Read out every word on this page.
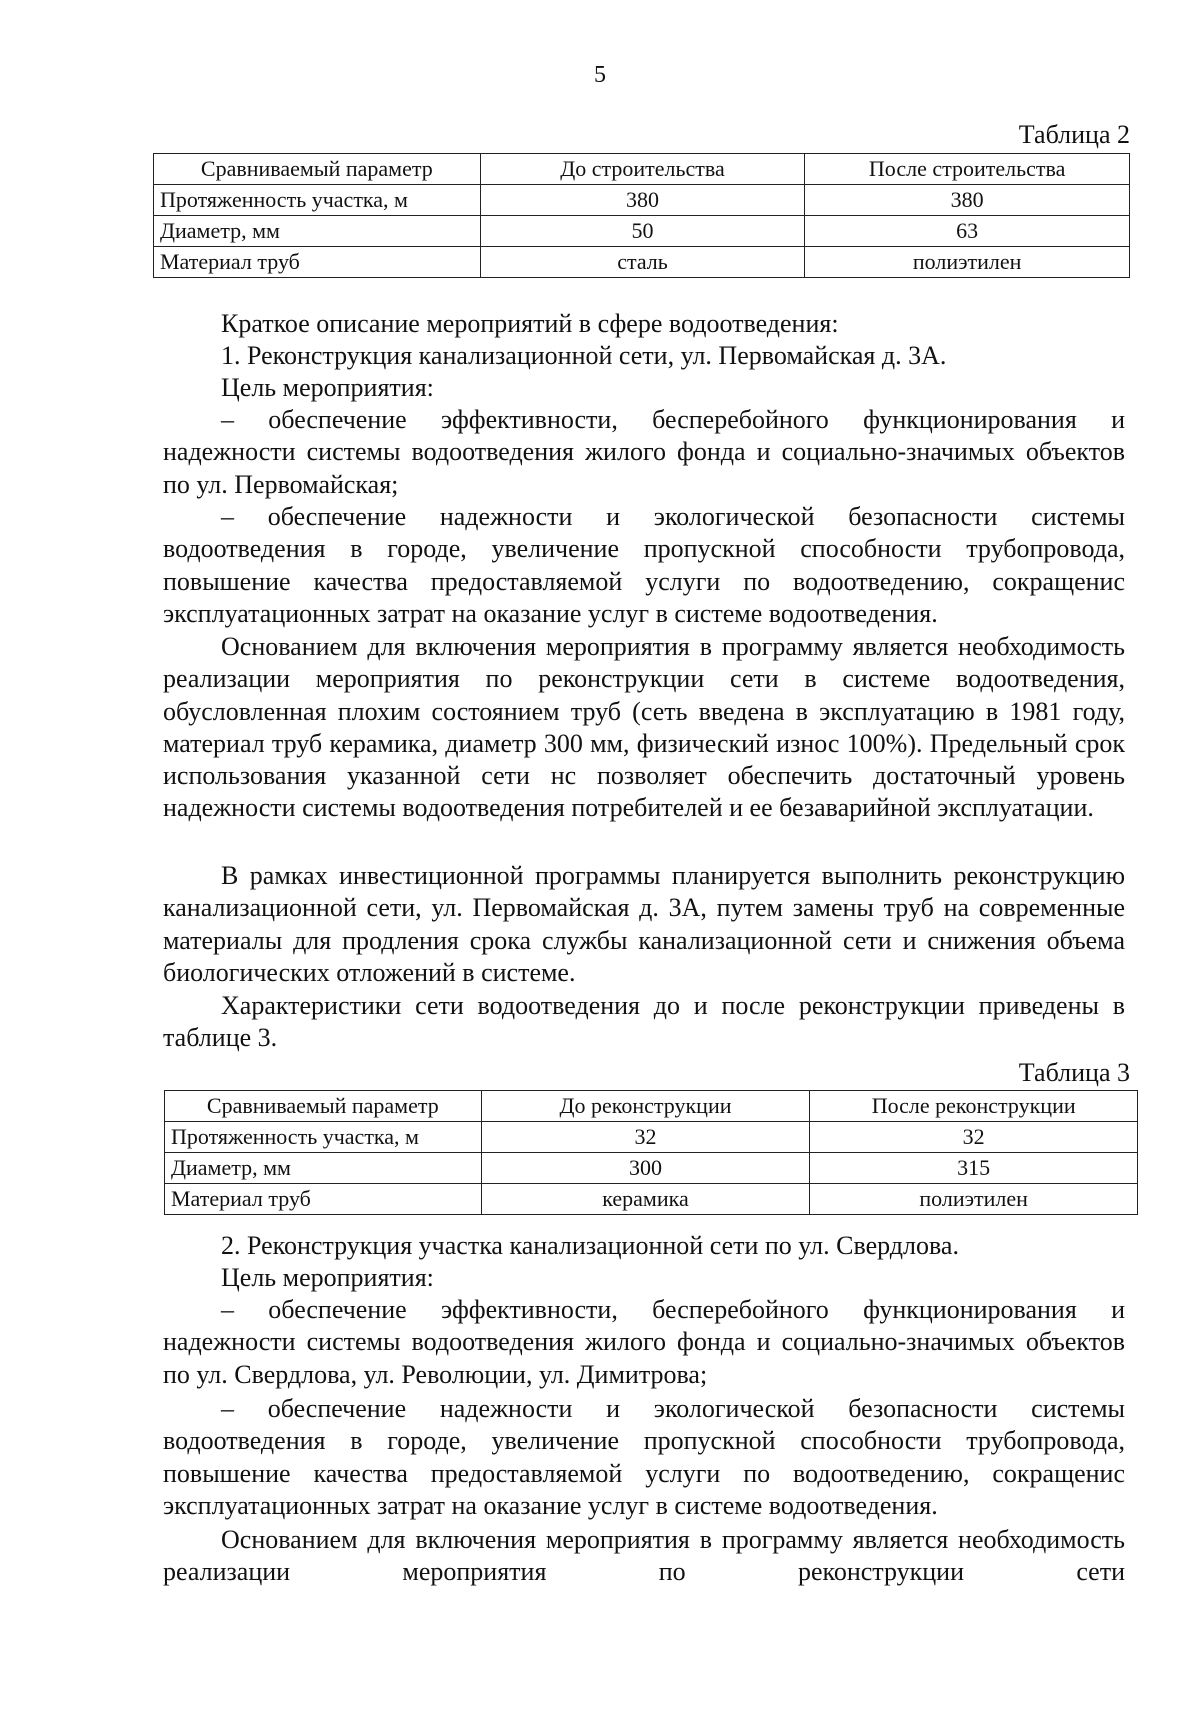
5
Таблица 2
Сравниваемый параметр	До строительства	После строительства
Протяженность участка, м	380	380
Диаметр, мм	50	63
Материал труб	сталь	полиэтилен

Краткое описание мероприятий в сфере водоотведения:

1. Реконструкция канализационной сети, ул. Первомайская д. 3А.

Цель мероприятия:

– обеспечение эффективности, бесперебойного функционирования и надежности системы водоотведения жилого фонда и социально-значимых объектов по ул. Первомайская;

– обеспечение надежности и экологической безопасности системы водоотведения в городе, увеличение пропускной способности трубопровода, повышение качества предоставляемой услуги по водоотведению, сокращенис эксплуатационных затрат на оказание услуг в системе водоотведения.

Основанием для включения мероприятия в программу является необходимость реализации мероприятия по реконструкции сети в системе водоотведения, обусловленная плохим состоянием труб (сеть введена в эксплуатацию в 1981 году, материал труб керамика, диаметр 300 мм, физический износ 100%). Предельный срок использования указанной сети нс позволяет обеспечить достаточный уровень надежности системы водоотведения потребителей и ее безаварийной эксплуатации.

В рамках инвестиционной программы планируется выполнить реконструкцию канализационной сети, ул. Первомайская д. 3А, путем замены труб на современные материалы для продления срока службы канализационной сети и снижения объема биологических отложений в системе.

Характеристики сети водоотведения до и после реконструкции приведены в таблице 3.

Таблица 3
Сравниваемый параметр	До реконструкции	После реконструкции
Протяженность участка, м	32	32
Диаметр, мм	300	315
Материал труб	керамика	полиэтилен

2. Реконструкция участка канализационной сети по ул. Свердлова.

Цель мероприятия:

– обеспечение эффективности, бесперебойного функционирования и надежности системы водоотведения жилого фонда и социально-значимых объектов по ул. Свердлова, ул. Революции, ул. Димитрова;

– обеспечение надежности и экологической безопасности системы водоотведения в городе, увеличение пропускной способности трубопровода, повышение качества предоставляемой услуги по водоотведению, сокращенис эксплуатационных затрат на оказание услуг в системе водоотведения.

Основанием для включения мероприятия в программу является необходимость реализации мероприятия по реконструкции сети
